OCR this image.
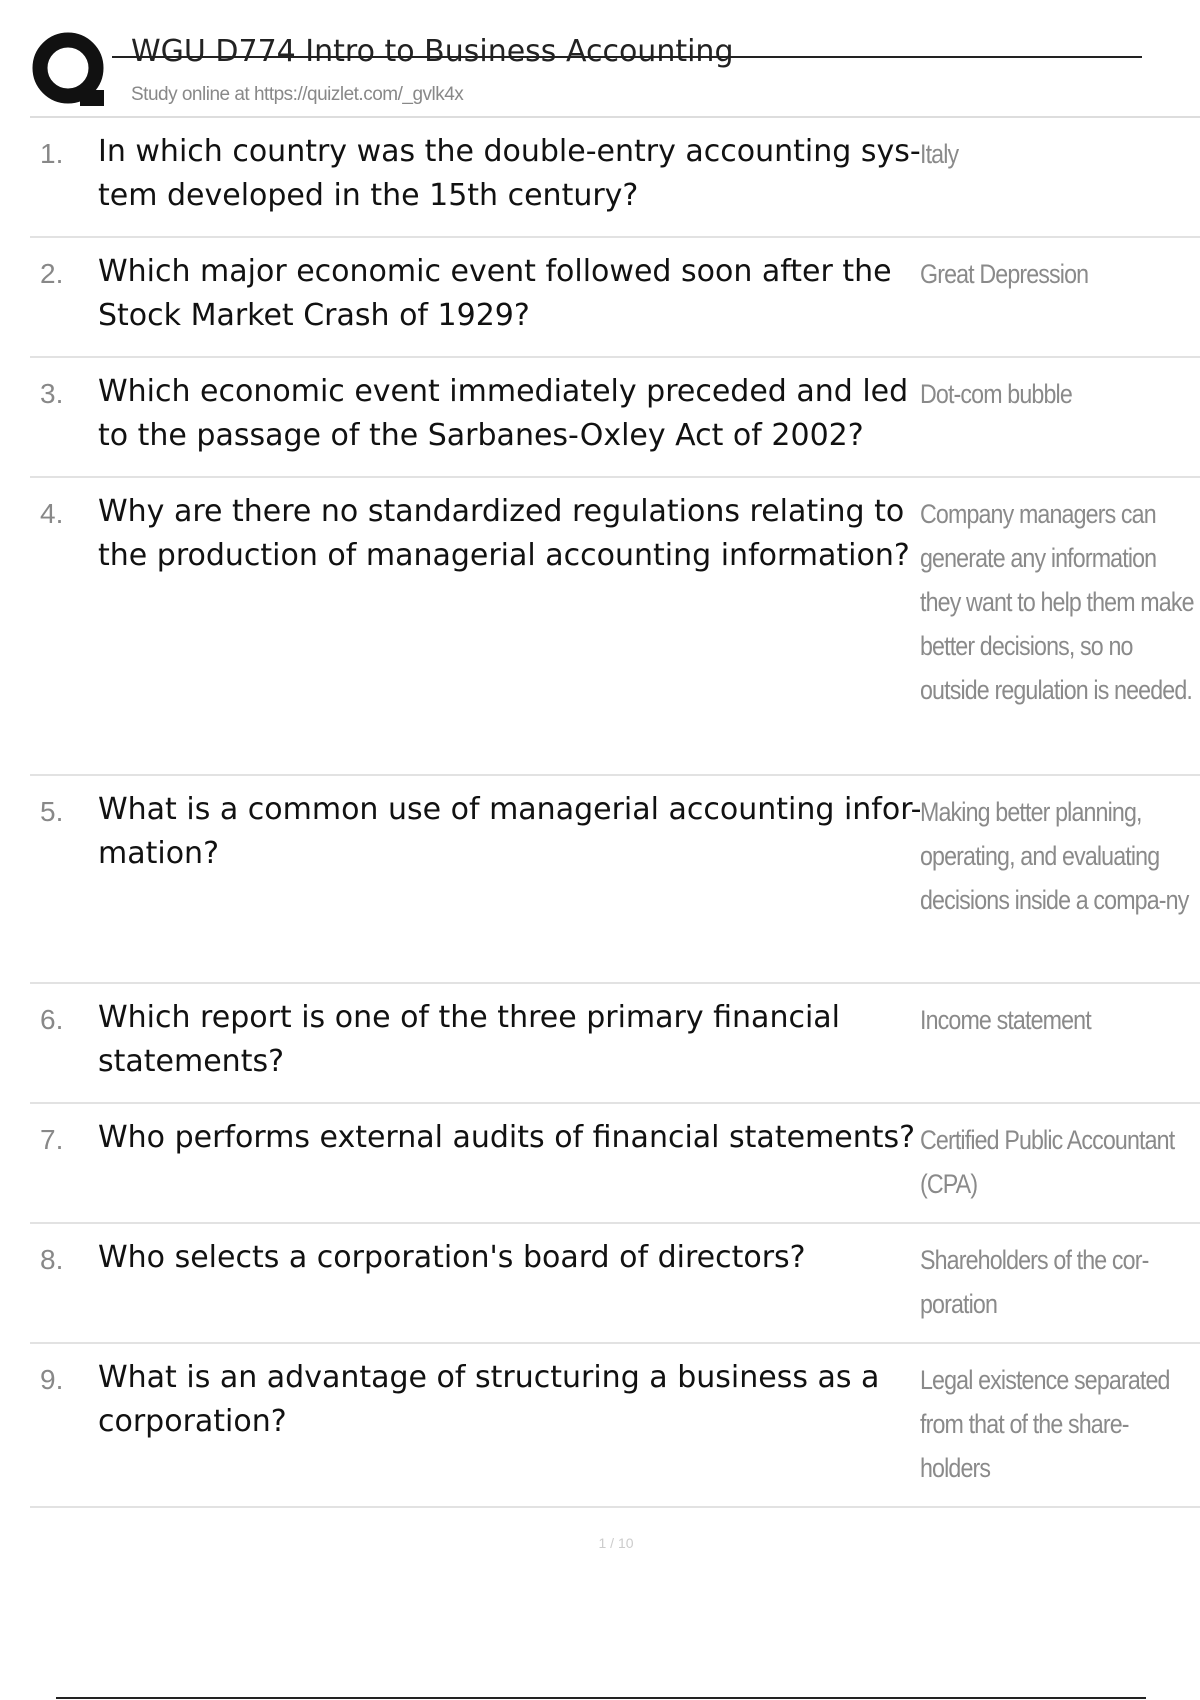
WGU D774 Intro to Business Accounting
Study online at https://quizlet.com/_gvlk4x
1. In which country was the double-entry accounting sys-tem developed in the 15th century?
Italy
2. Which major economic event followed soon after the Stock Market Crash of 1929?
Great Depression
3. Which economic event immediately preceded and led to the passage of the Sarbanes-Oxley Act of 2002?
Dot-com bubble
4. Why are there no standardized regulations relating to the production of managerial accounting information?
Company managers can generate any information they want to help them make better decisions, so no outside regulation is needed.
5. What is a common use of managerial accounting infor-mation?
Making better planning, operating, and evaluating decisions inside a compa-ny
6. Which report is one of the three primary financial statements?
Income statement
7. Who performs external audits of financial statements? Certified Public Accountant (CPA)
8. Who selects a corporation's board of directors?	Shareholders of the cor-poration
9. What is an advantage of structuring a business as a corporation?
Legal existence separated from that of the share-holders
1 / 10
